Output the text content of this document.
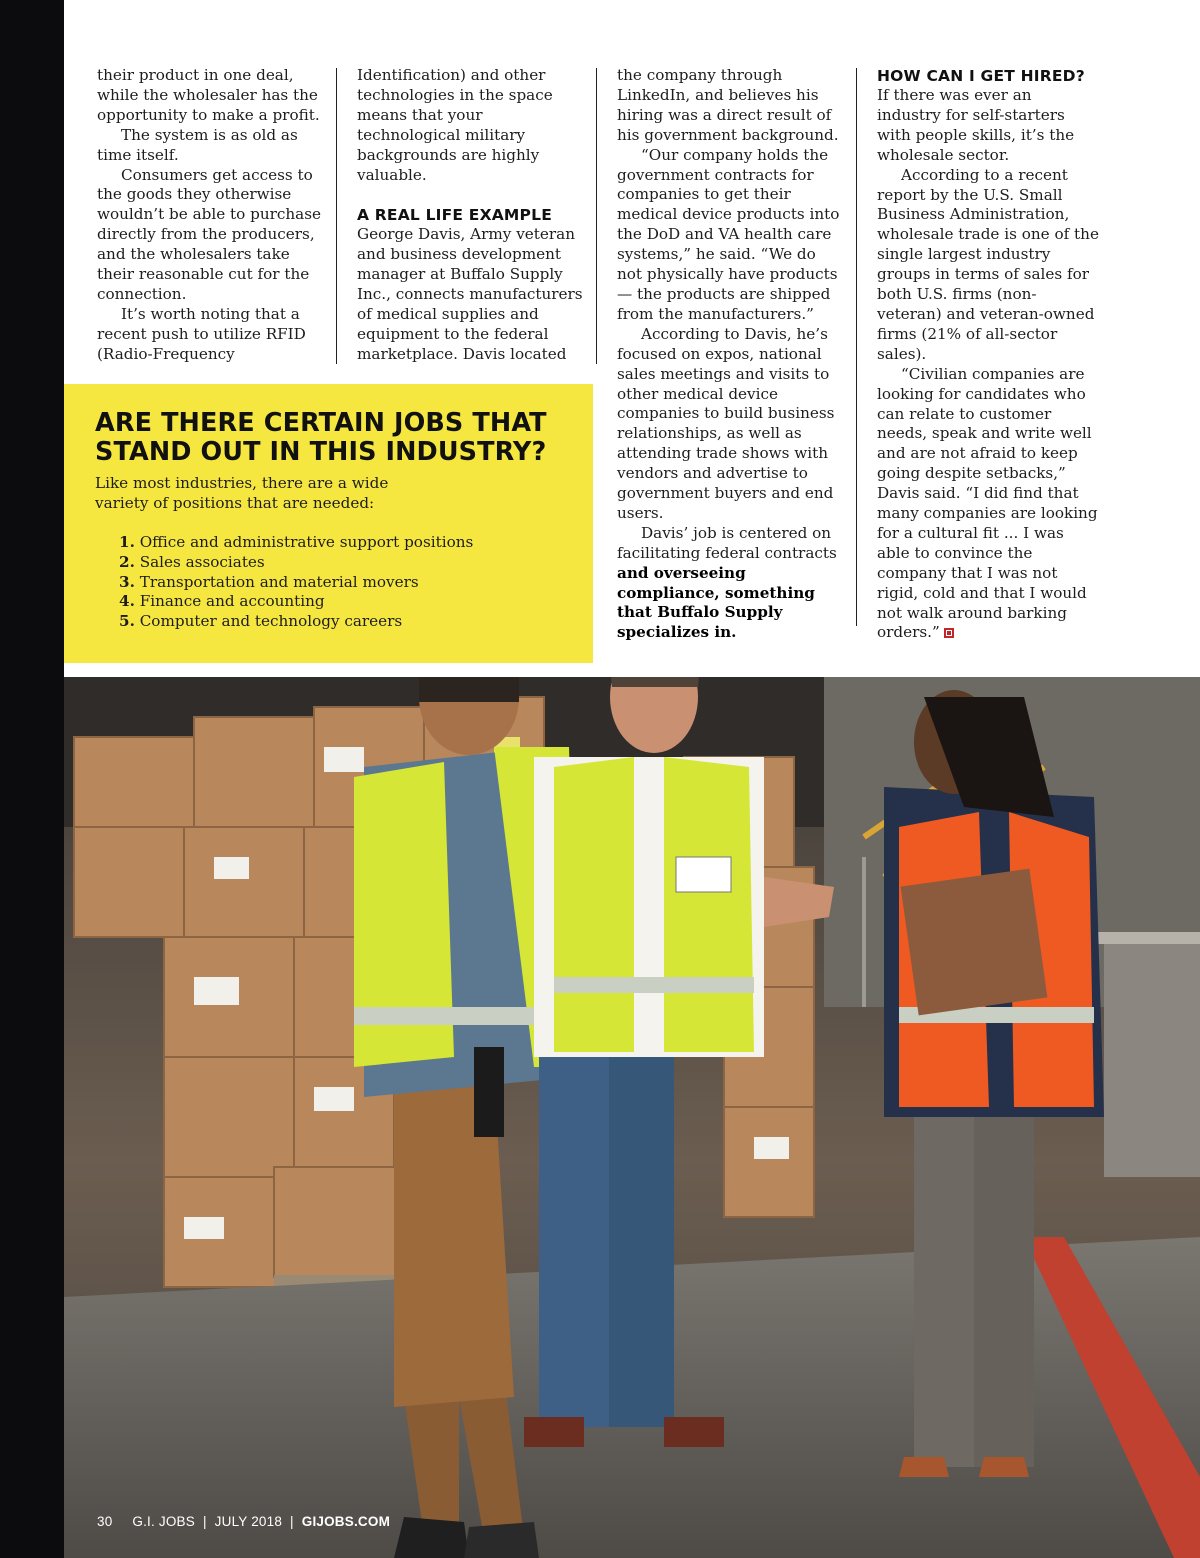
their product in one deal, while the wholesaler has the opportunity to make a profit.

The system is as old as time itself.

Consumers get access to the goods they otherwise wouldn’t be able to purchase directly from the producers, and the wholesalers take their reasonable cut for the connection.

It’s worth noting that a recent push to utilize RFID (Radio-Frequency

Identification) and other technologies in the space means that your technological military backgrounds are highly valuable.

A REAL LIFE EXAMPLE

George Davis, Army veteran and business development manager at Buffalo Supply Inc., connects manufacturers of medical supplies and equipment to the federal marketplace. Davis located

the company through LinkedIn, and believes his hiring was a direct result of his government background.

“Our company holds the government contracts for companies to get their medical device products into the DoD and VA health care systems,” he said. “We do not physically have products — the products are shipped from the manufacturers.”

According to Davis, he’s focused on expos, national sales meetings and visits to other medical device companies to build business relationships, as well as attending trade shows with vendors and advertise to government buyers and end users.

Davis’ job is centered on facilitating federal contracts and overseeing compliance, something that Buffalo Supply specializes in.

HOW CAN I GET HIRED?

If there was ever an industry for self-starters with people skills, it’s the wholesale sector.

According to a recent report by the U.S. Small Business Administration, wholesale trade is one of the single largest industry groups in terms of sales for both U.S. firms (non-veteran) and veteran-owned firms (21% of all-sector sales).

“Civilian companies are looking for candidates who can relate to customer needs, speak and write well and are not afraid to keep going despite setbacks,” Davis said. “I did find that many companies are looking for a cultural fit ... I was able to convince the company that I was not rigid, cold and that I would not walk around barking orders.”

ARE THERE CERTAIN JOBS THAT
STAND OUT IN THIS INDUSTRY?
Like most industries, there are a wide variety of positions that are needed:
1. Office and administrative support positions
2. Sales associates
3. Transportation and material movers
4. Finance and accounting
5. Computer and technology careers
30 G.I. JOBS | JULY 2018 | GIJOBS.COM
